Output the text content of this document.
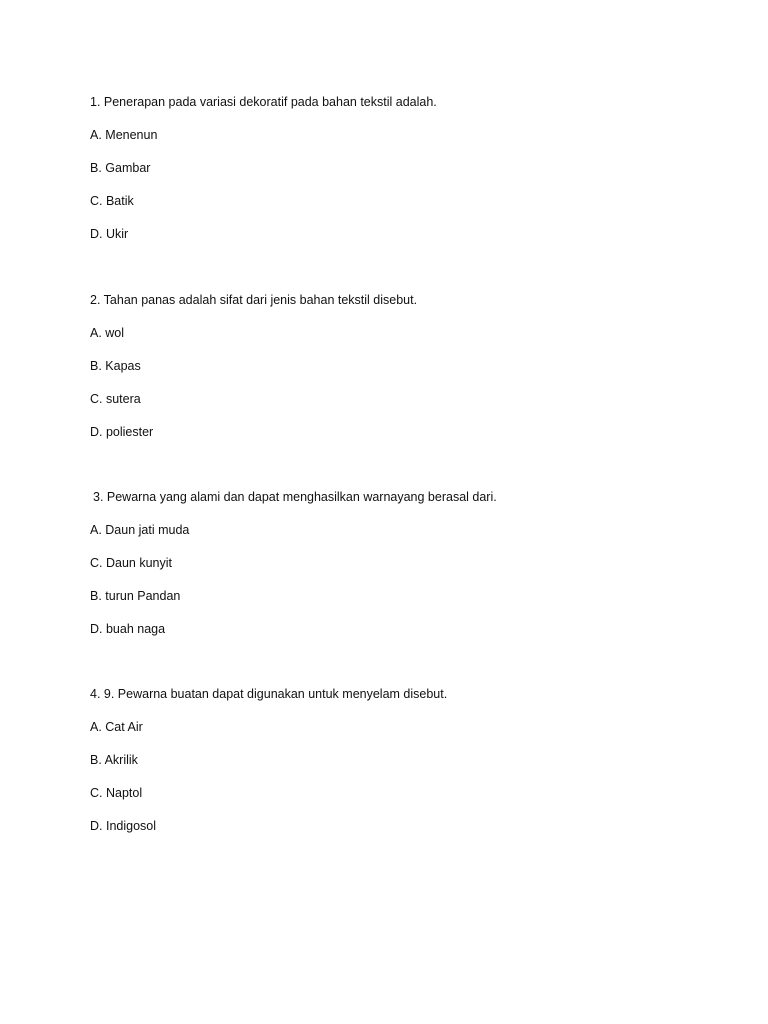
1. Penerapan pada variasi dekoratif pada bahan tekstil adalah.

A. Menenun
B. Gambar
C. Batik
D. Ukir

2. Tahan panas adalah sifat dari jenis bahan tekstil disebut.

A. wol
B. Kapas
C. sutera
D. poliester

3. Pewarna yang alami dan dapat menghasilkan warnayang berasal dari.

A. Daun jati muda
C. Daun kunyit
B. turun Pandan
D. buah naga

4. 9. Pewarna buatan dapat digunakan untuk menyelam disebut.

A. Cat Air
B. Akrilik
C. Naptol
D. Indigosol
